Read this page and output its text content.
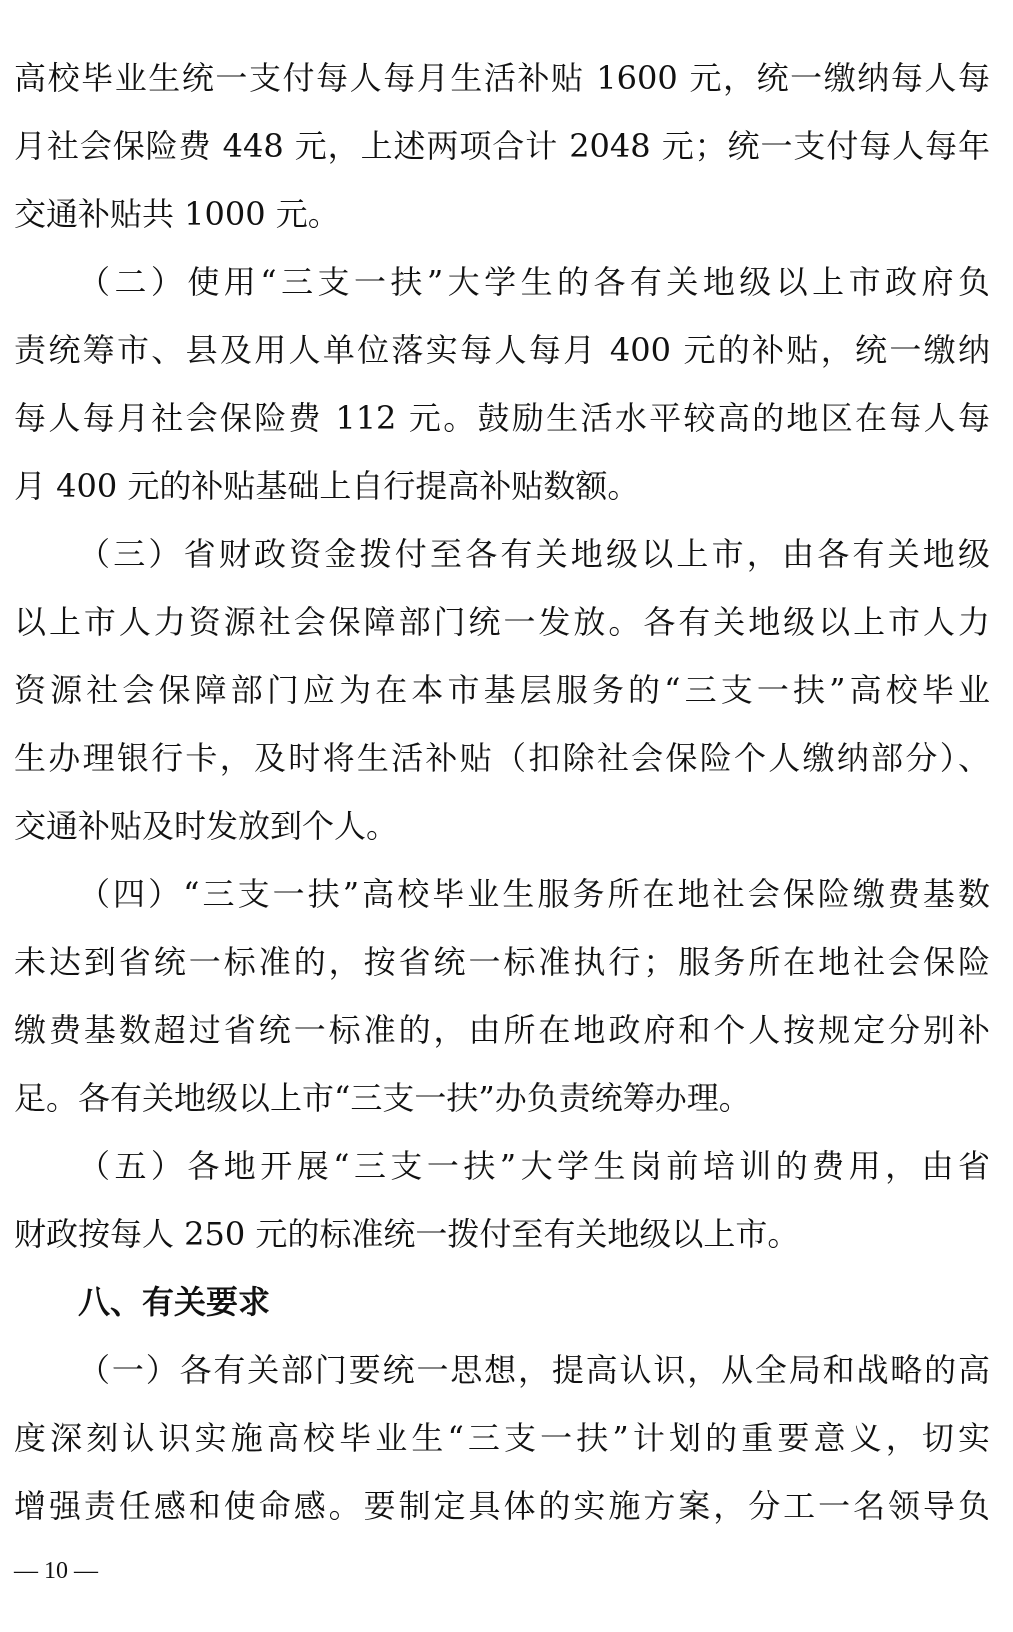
高校毕业生统一支付每人每月生活补贴 1600 元，统一缴纳每人每
月社会保险费 448 元，上述两项合计 2048 元；统一支付每人每年
交通补贴共 1000 元。
（二）使用“三支一扶”大学生的各有关地级以上市政府负
责统筹市、县及用人单位落实每人每月 400 元的补贴，统一缴纳
每人每月社会保险费 112 元。鼓励生活水平较高的地区在每人每
月 400 元的补贴基础上自行提高补贴数额。
（三）省财政资金拨付至各有关地级以上市，由各有关地级
以上市人力资源社会保障部门统一发放。各有关地级以上市人力
资源社会保障部门应为在本市基层服务的“三支一扶”高校毕业
生办理银行卡，及时将生活补贴（扣除社会保险个人缴纳部分）、
交通补贴及时发放到个人。
（四）“三支一扶”高校毕业生服务所在地社会保险缴费基数
未达到省统一标准的，按省统一标准执行；服务所在地社会保险
缴费基数超过省统一标准的，由所在地政府和个人按规定分别补
足。各有关地级以上市“三支一扶”办负责统筹办理。
（五）各地开展“三支一扶”大学生岗前培训的费用，由省
财政按每人 250 元的标准统一拨付至有关地级以上市。
八、有关要求
（一）各有关部门要统一思想，提高认识，从全局和战略的高
度深刻认识实施高校毕业生“三支一扶”计划的重要意义，切实
增强责任感和使命感。要制定具体的实施方案，分工一名领导负
— 10 —
